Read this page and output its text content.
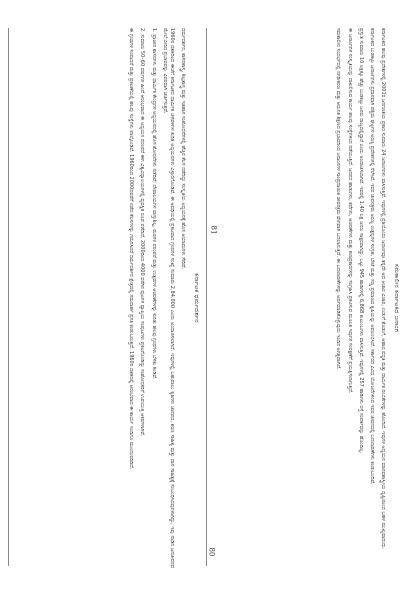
ಕರ್ನಾಟಕ ಧರ್ಮದರ್ಶನ

ಧರ್ಮದರ್ಶನ, ಶಾಸನಶಾಸ್ತ್ರ, ಶಿಲ್ಪಶಾಸ್ತ್ರ ಮತ್ತು ಇತಿಹಾಸ ಸಂಶೋಧನೆಗಳಲ್ಲಿ ಹೆಚ್ಚಿನ ಕೆಲಸ ನಡೆದಿದ್ದು ಸಂಸ್ಕೃತಿಯ ಅಧ್ಯಯನಕ್ಕೆ ಹೊಸ ಆಯಾಮಗಳು ಸೇರಿವೆ.

1960ರ ದಶಕದಿಂದ ಈಚೆಗೆ ಕರ್ನಾಟಕದ ಧಾರ್ಮಿಕ ಚಳವಳಿಗಳ ಕುರಿತ ಅಧ್ಯಯನಗಳು ವಿಸ್ತಾರಗೊಂಡಿವೆ. ಈ ಅವಧಿಯಲ್ಲಿ ಪ್ರಕಟವಾದ ಗ್ರಂಥಗಳ ಸಂಖ್ಯೆ ಸುಮಾರು 2,84,000 ಎಂದು ಅಂದಾಜಿಸಲಾಗಿದೆ. ಇವುಗಳಲ್ಲಿ ಬಹುಪಾಲು ಕೃತಿಗಳು ಜಾನಪದ, ಶರಣ ಸಾಹಿತ್ಯ ಮತ್ತು ದಾಸ ಸಾಹಿತ್ಯಕ್ಕೆ ಸಂಬಂಧಿಸಿದವುಗಳಾಗಿದ್ದು, ಇವು ನಾಡಿನ ಜನಜೀವನದ ಮೇಲೆ ಬೀರಿದ ಪ್ರಭಾವವನ್ನು ವಿವರವಾಗಿ ಚರ್ಚಿಸುತ್ತವೆ.

1. ಪ್ರಾಚೀನ ಶಾಸನಗಳು ಮತ್ತು ಧಾರ್ಮಿಕ ಕೇಂದ್ರಗಳ ಅಧ್ಯಯನದಲ್ಲಿ ಹೊಸ ಶೋಧನೆಗಳು ನಡೆದಿವೆ; ದೇವಾಲಯಗಳ ವಾಸ್ತುಶಿಲ್ಪ, ಮಠಗಳ ಪರಂಪರೆ ಮತ್ತು ಉತ್ಸವಗಳ ಆಚರಣೆಗಳನ್ನು ಕುರಿತು ಹಲವು ಗ್ರಂಥಗಳು ಬೆಳಕು ಕಂಡಿವೆ.

2. ಸುಮಾರು 50–60 ವರ್ಷಗಳ ಹಿಂದೆ ಆರಂಭವಾದ ಈ ಅಧ್ಯಯನ ಪರಂಪರೆ ಈಗ ವಿಶ್ವವಿದ್ಯಾಲಯಗಳಲ್ಲಿ ವ್ಯವಸ್ಥಿತ ರೂಪ ಪಡೆದಿದೆ. 2000ದಿಂದ 4000 ವರೆಗಿನ ಪುಟಗಳ ವ್ಯಾಪ್ತಿಯ ಸಂಪುಟಗಳು ಪ್ರಕಟಗೊಂಡಿದ್ದು ಸಂಶೋಧಕರಿಗೆ ಉಪಯುಕ್ತ ಆಕರಗಳಾಗಿವೆ.

ಈ ಗ್ರಂಥಗಳ ಸಂಪಾದನೆ ಮತ್ತು ಪ್ರಕಟಣೆಯಲ್ಲಿ ಹಲವು ಸಂಸ್ಥೆಗಳು ಪಾಲ್ಗೊಂಡಿವೆ. 1960ರಿಂದ 2000ದವರೆಗೆ ನಡೆದ ಕೆಲಸಗಳನ್ನು ಗಮನಿಸಿದರೆ ಧರ್ಮದರ್ಶನ ಕ್ಷೇತ್ರದಲ್ಲಿ ಗಮನಾರ್ಹ ಪ್ರಗತಿ ಕಂಡುಬರುತ್ತದೆ. 1960ರ ದಶಕದಲ್ಲಿ ಆರಂಭವಾದ ಈ ಕಾರ್ಯ ಇಂದಿಗೂ ಮುಂದುವರಿದಿದೆ.

80
81
ಸಮಕಾಲೀನ ಕರ್ನಾಟಕದ ಜನಾಂಗ

ಕರ್ನಾಟಕದ ಹಲವು ಪ್ರದೇಶಗಳಲ್ಲಿ 2001ರ ಜನಗಣತಿಯ ಪ್ರಕಾರ ಸುಮಾರು 24 ಜನಾಂಗಗಳು ವಾಸಿಸುತ್ತಿವೆ. ಇವುಗಳಲ್ಲಿ ಪ್ರತಿಯೊಂದು ಜನಾಂಗವೂ ತನ್ನದೇ ಆದ ಆಚಾರ ವಿಚಾರ, ಉಡುಗೆ ತೊಡುಗೆ, ಆಹಾರ ಪದ್ಧತಿ ಮತ್ತು ಧಾರ್ಮಿಕ ನಂಬಿಕೆಗಳನ್ನು ಹೊಂದಿದೆ. ಇವುಗಳ ಅಧ್ಯಯನ ಮಾನವಶಾಸ್ತ್ರೀಯ ದೃಷ್ಟಿಯಿಂದ ಬಹಳ ಮುಖ್ಯವಾದುದು.

ಕರ್ನಾಟಕದ ಬುಡಕಟ್ಟು ಜನಾಂಗಗಳು ಪ್ರಧಾನವಾಗಿ ಪಶ್ಚಿಮ ಘಟ್ಟಗಳ ಅರಣ್ಯ ಪ್ರದೇಶಗಳಲ್ಲಿ ನೆಲೆಸಿವೆ. ಇವರ ಜೀವನಕ್ರಮ ಅರಣ್ಯ ಉತ್ಪನ್ನಗಳ ಸಂಗ್ರಹ, ಬೇಟೆ ಮತ್ತು ಸಣ್ಣ ಪ್ರಮಾಣದ ಕೃಷಿಯನ್ನು ಅವಲಂಬಿಸಿದೆ. ಸರ್ಕಾರದ ವಿವಿಧ ಯೋಜನೆಗಳಿಂದ ಇವರ ಜೀವನದಲ್ಲಿ ಬದಲಾವಣೆಗಳು ಕಂಡುಬಂದಿವೆ.

ಪ್ರಸ್ತುತ ಸುಮಾರು 10 ಲಕ್ಷಕ್ಕೂ ಹೆಚ್ಚು ಬುಡಕಟ್ಟು ಜನರು ರಾಜ್ಯದಲ್ಲಿದ್ದಾರೆ ಎಂದು ಅಂದಾಜಿಸಲಾಗಿದೆ. ಇವರಲ್ಲಿ 1.40 ಲಕ್ಷ ಜನರು ಸಾಕ್ಷರರಾಗಿದ್ದು, ಒಟ್ಟು 945 ಹಾಡಿಗಳಲ್ಲಿ 6,868 ಕುಟುಂಬಗಳು ವಾಸಿಸುತ್ತಿವೆ. ಇವುಗಳಲ್ಲಿ 257 ಹಾಡಿಗಳು ರಸ್ತೆ ಸಂಪರ್ಕವನ್ನು ಹೊಂದಿಲ್ಲ.

ಈ ಜನಾಂಗಗಳ ಸಂಸ್ಕೃತಿಯನ್ನು ದಾಖಲಿಸುವ ಕಾರ್ಯ ಹಲವು ಸಂಸ್ಥೆಗಳಿಂದ ನಡೆಯುತ್ತಿದೆ. ಜನಪದ ಹಾಡುಗಳು, ಕಥೆಗಳು, ಆಚರಣೆಗಳು ಮತ್ತು ಕಲಾಪ್ರಕಾರಗಳನ್ನು ಸಂಗ್ರಹಿಸಿ ಪ್ರಕಟಿಸುವ ಮೂಲಕ ಇವುಗಳ ಸಂರಕ್ಷಣೆಗೆ ಪ್ರಯತ್ನಿಸಲಾಗುತ್ತಿದೆ.

ಸಮಕಾಲೀನ ಸಂದರ್ಭದಲ್ಲಿ ನಗರೀಕರಣ ಮತ್ತು ಆಧುನಿಕ ಶಿಕ್ಷಣದ ಪ್ರಭಾವದಿಂದ ಜನಾಂಗಗಳ ಸಾಂಪ್ರದಾಯಿಕ ಜೀವನಕ್ರಮ ವೇಗವಾಗಿ ಬದಲಾಗುತ್ತಿದೆ. ಈ ಬದಲಾವಣೆಗಳನ್ನು ಅರ್ಥಮಾಡಿಕೊಳ್ಳುವುದು ಇಂದಿನ ಅಗತ್ಯವಾಗಿದೆ.
